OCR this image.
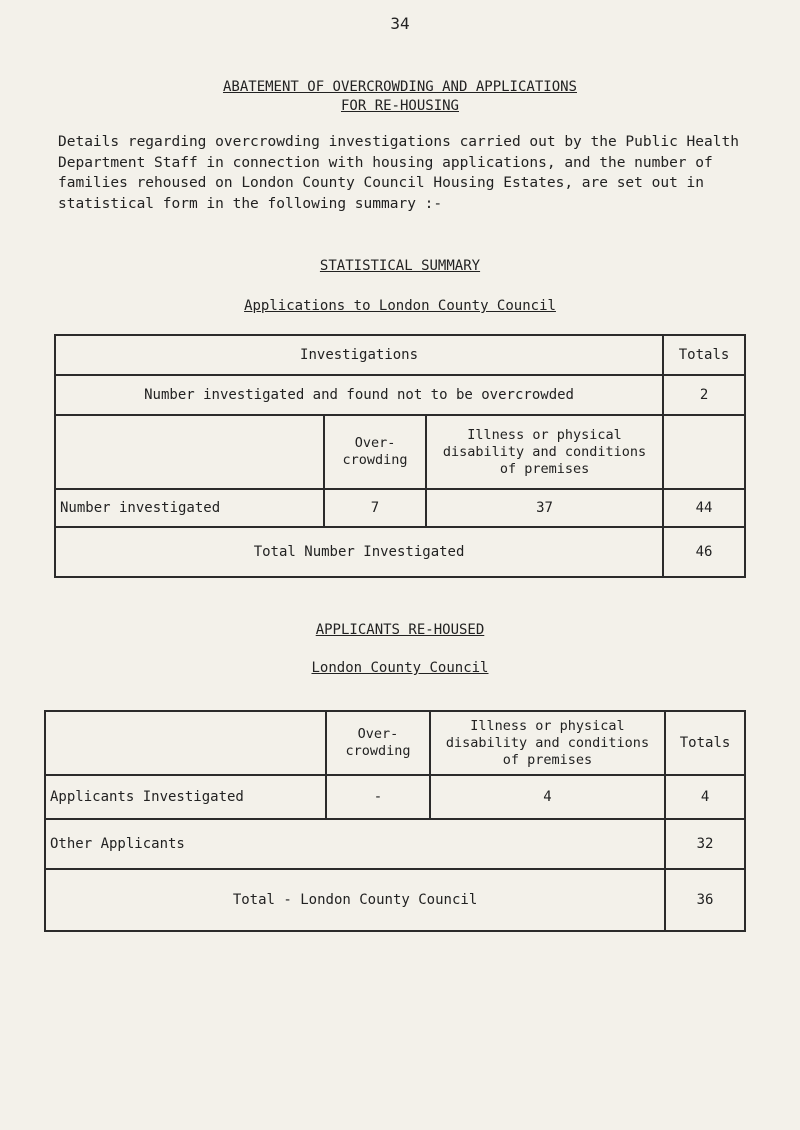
34
ABATEMENT OF OVERCROWDING AND APPLICATIONS
FOR RE-HOUSING
Details regarding overcrowding investigations carried out by the Public Health Department Staff in connection with housing applications, and the number of families rehoused on London County Council Housing Estates, are set out in statistical form in the following summary :-
STATISTICAL SUMMARY
Applications to London County Council
Investigations			Totals
Number investigated and found not to be overcrowded			2
	Over- crowding	Illness or physical disability and conditions of premises	
Number investigated	7	37	44
Total Number Investigated			46
APPLICANTS RE-HOUSED
London County Council
	Over- crowding	Illness or physical disability and conditions of premises	Totals
Applicants Investigated	-	4	4
Other Applicants			32
Total - London County Council			36
